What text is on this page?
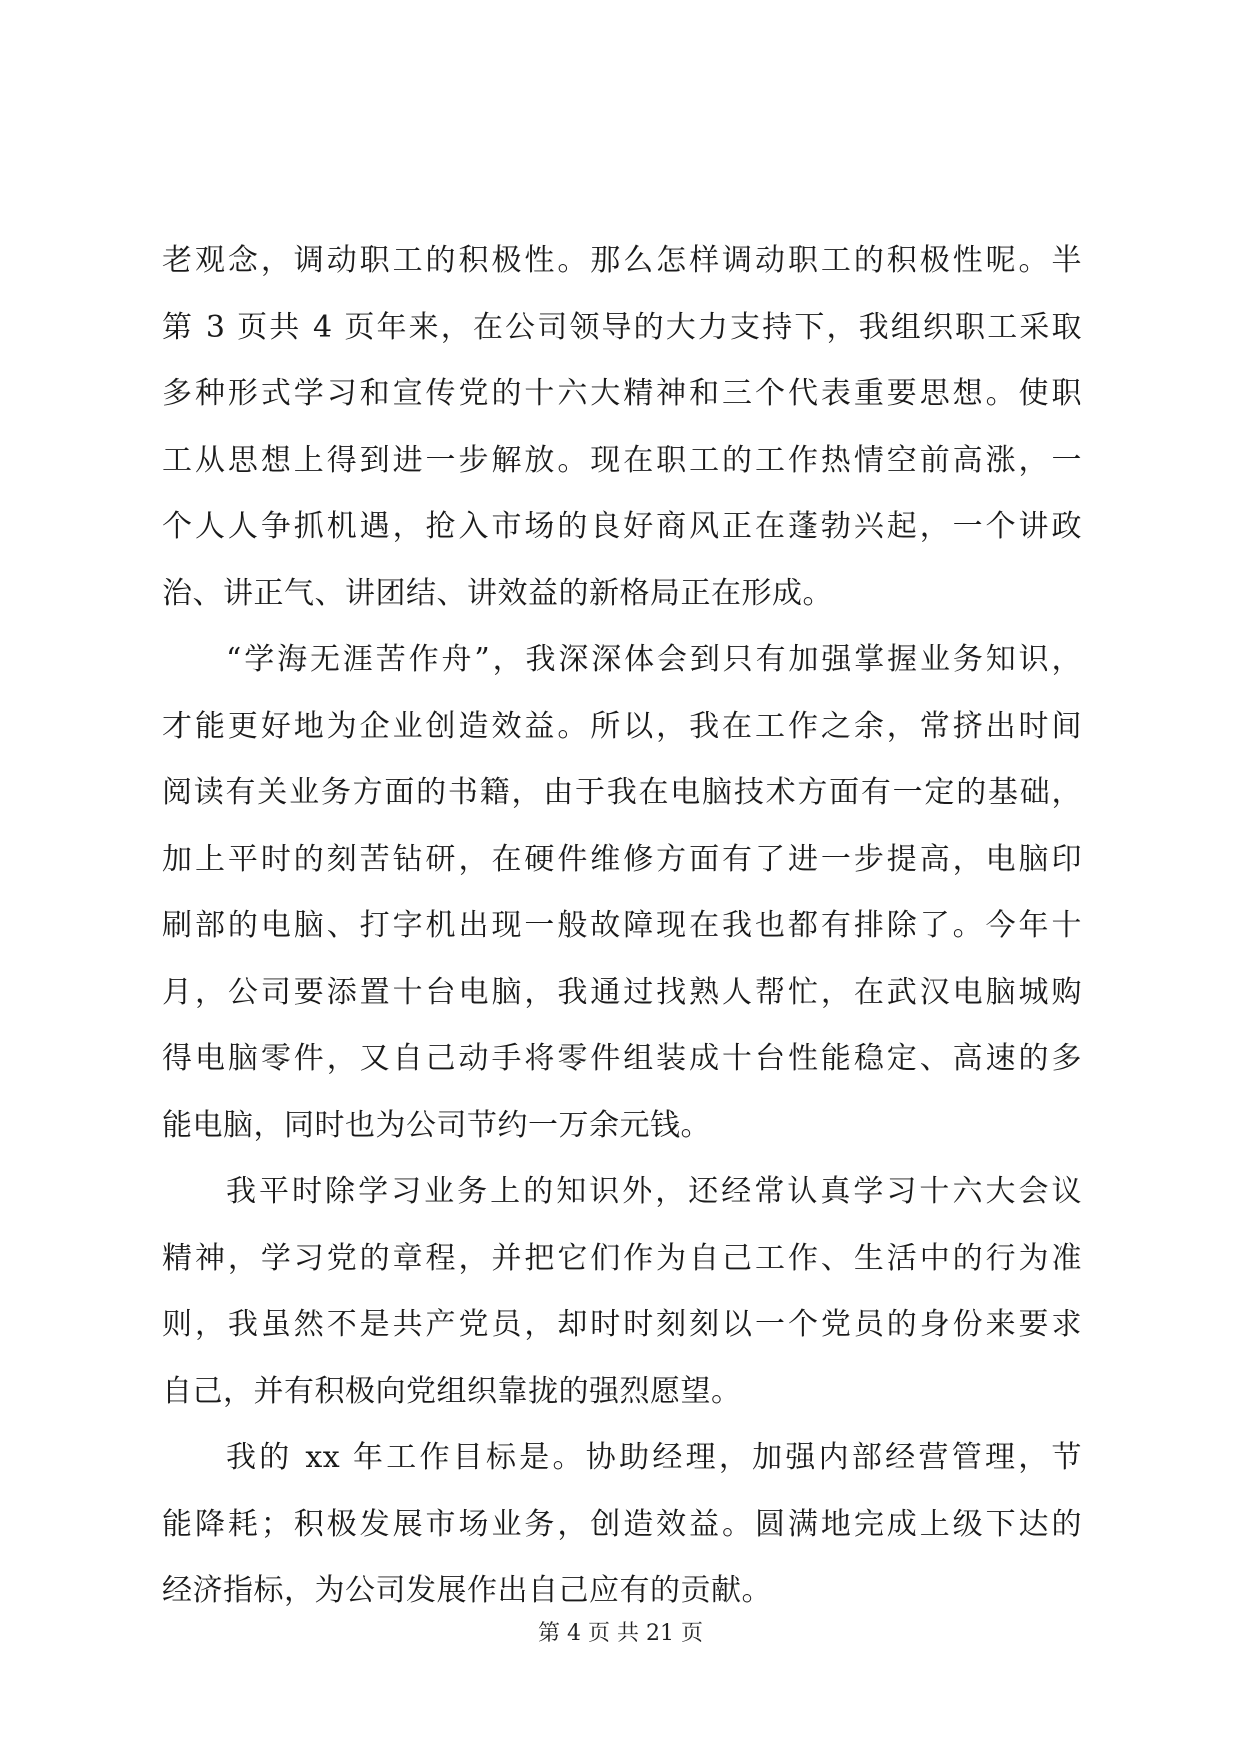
老观念，调动职工的积极性。那么怎样调动职工的积极性呢。半
第 3 页共 4 页年来，在公司领导的大力支持下，我组织职工采取
多种形式学习和宣传党的十六大精神和三个代表重要思想。使职
工从思想上得到进一步解放。现在职工的工作热情空前高涨，一
个人人争抓机遇，抢入市场的良好商风正在蓬勃兴起，一个讲政
治、讲正气、讲团结、讲效益的新格局正在形成。
“学海无涯苦作舟”，我深深体会到只有加强掌握业务知识，
才能更好地为企业创造效益。所以，我在工作之余，常挤出时间
阅读有关业务方面的书籍，由于我在电脑技术方面有一定的基础，
加上平时的刻苦钻研，在硬件维修方面有了进一步提高，电脑印
刷部的电脑、打字机出现一般故障现在我也都有排除了。今年十
月，公司要添置十台电脑，我通过找熟人帮忙，在武汉电脑城购
得电脑零件，又自己动手将零件组装成十台性能稳定、高速的多
能电脑，同时也为公司节约一万余元钱。
我平时除学习业务上的知识外，还经常认真学习十六大会议
精神，学习党的章程，并把它们作为自己工作、生活中的行为准
则，我虽然不是共产党员，却时时刻刻以一个党员的身份来要求
自己，并有积极向党组织靠拢的强烈愿望。
我的 xx 年工作目标是。协助经理，加强内部经营管理，节
能降耗；积极发展市场业务，创造效益。圆满地完成上级下达的
经济指标，为公司发展作出自己应有的贡献。
第 4 页 共 21 页
